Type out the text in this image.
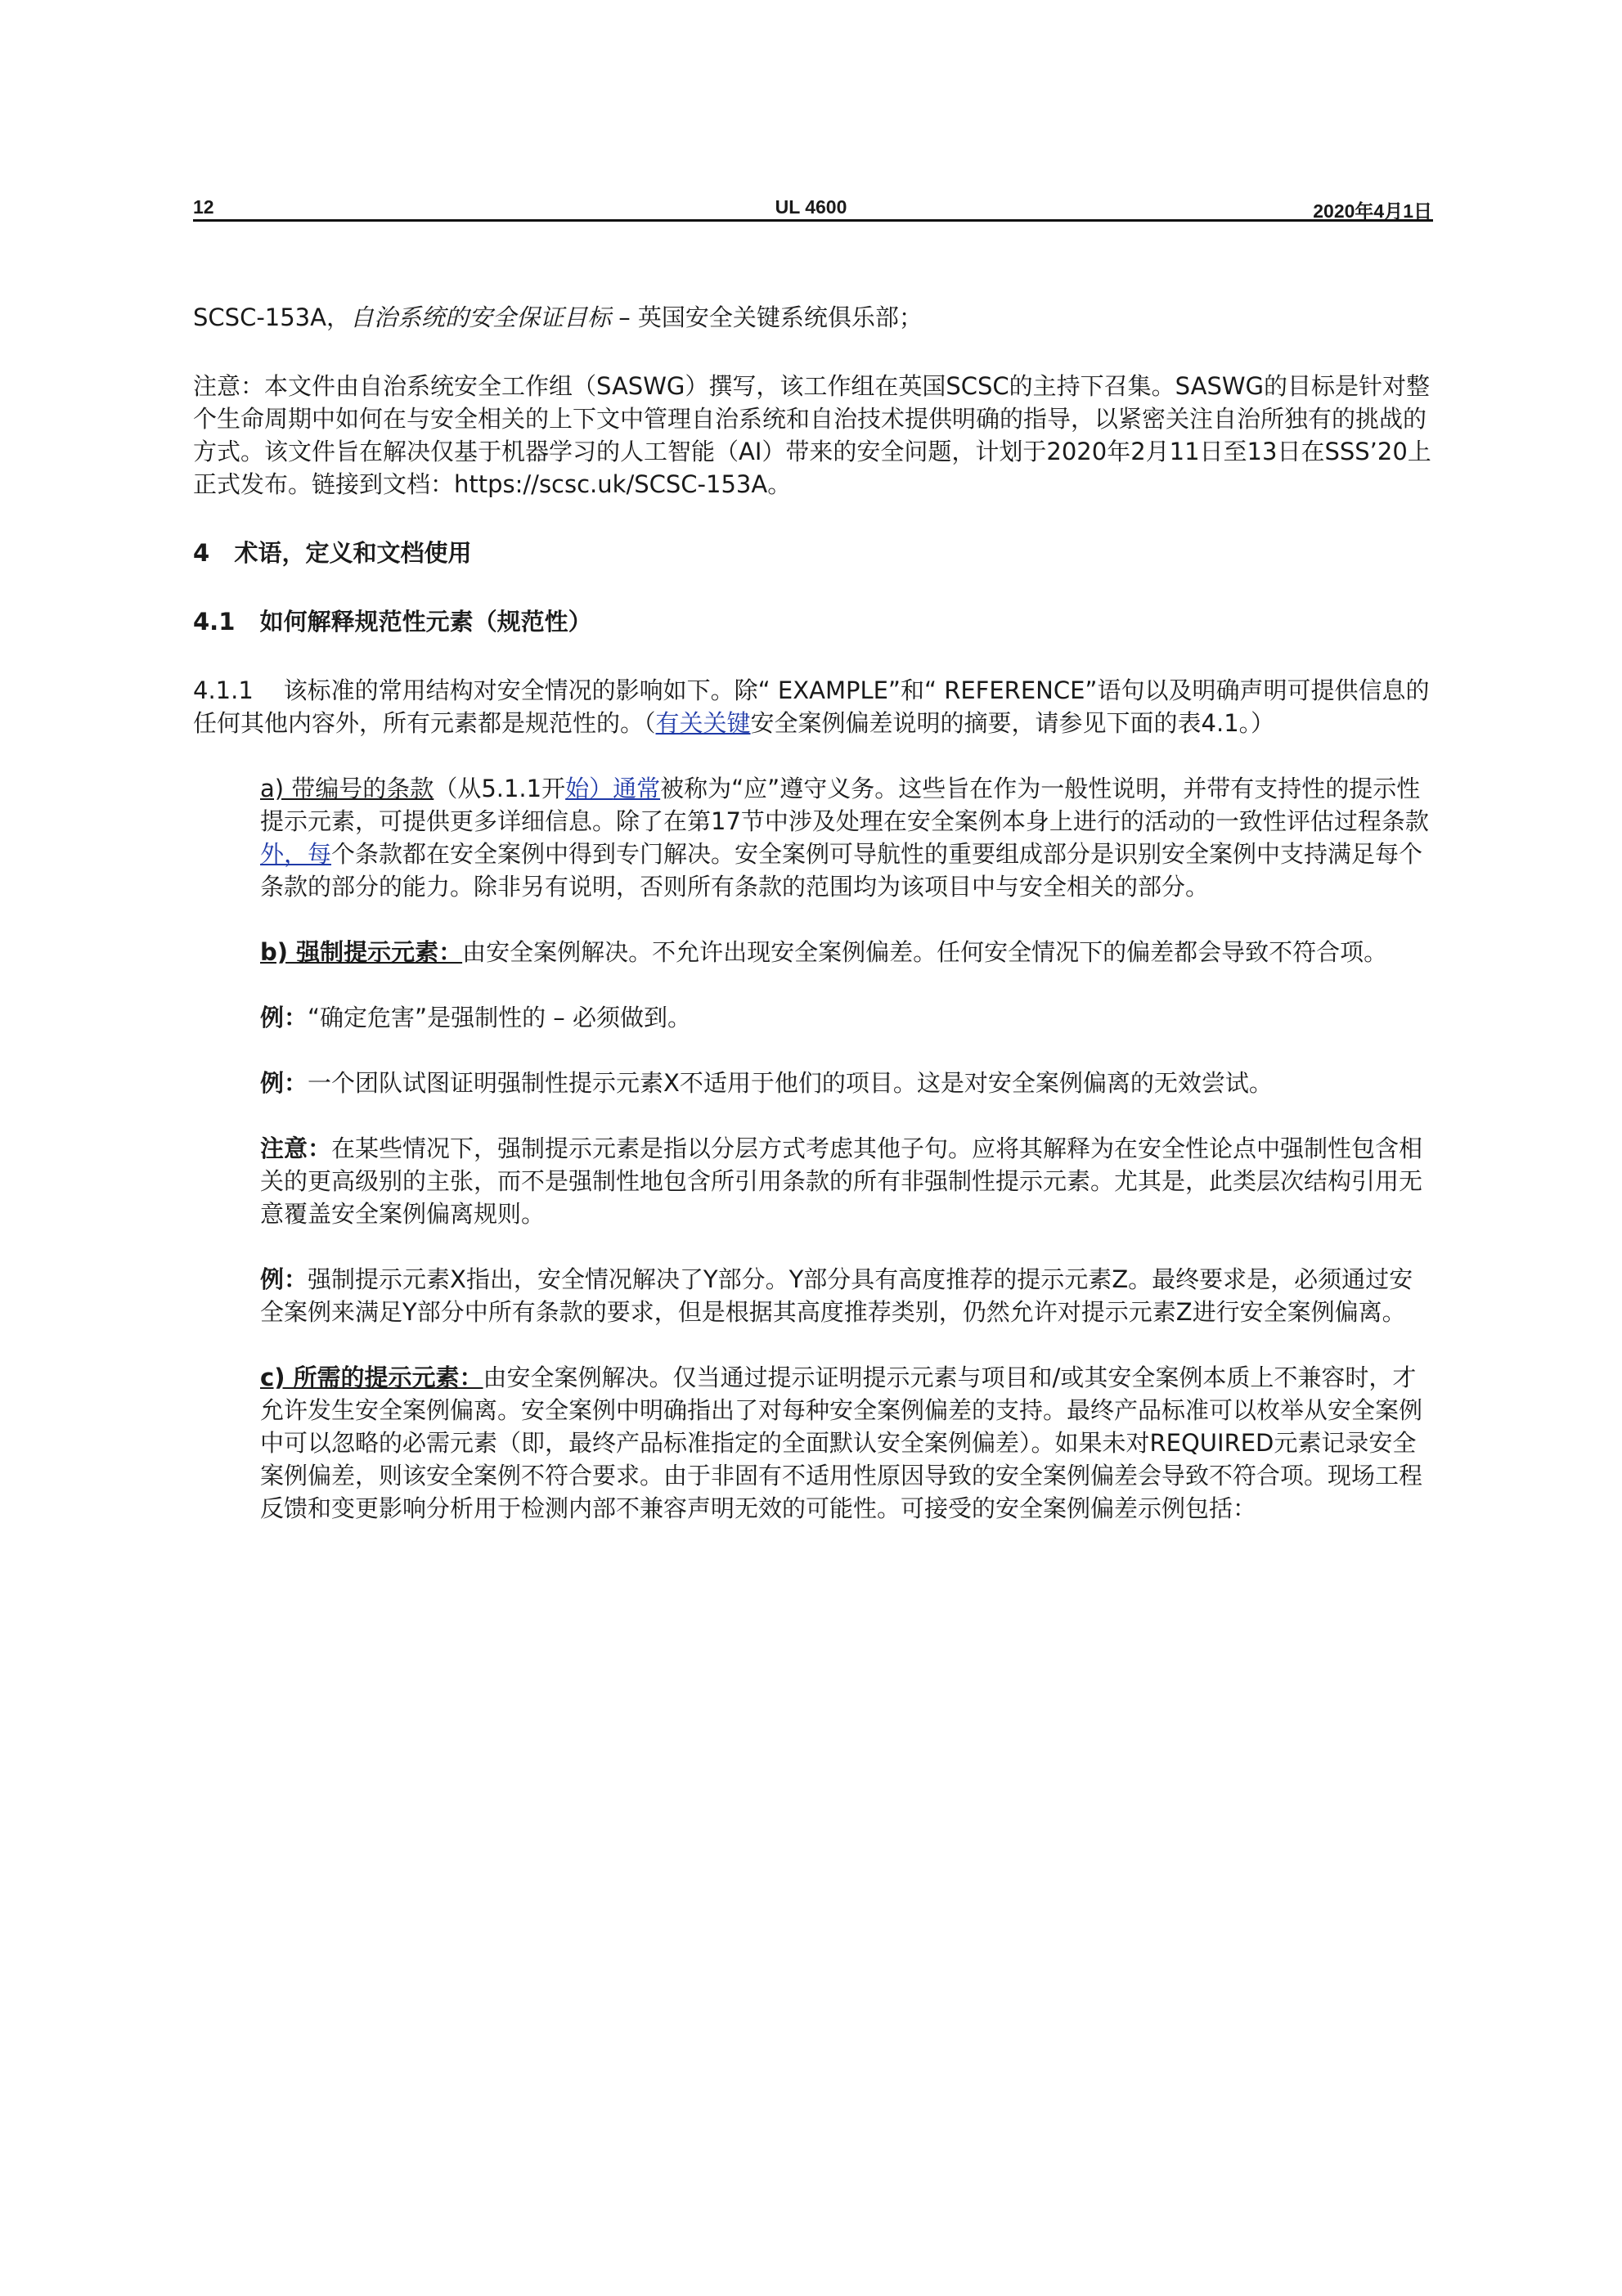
12	UL 4600	2020年4月1日

SCSC-153A，自治系统的安全保证目标 – 英国安全关键系统俱乐部；

注意：本文件由自治系统安全工作组（SASWG）撰写，该工作组在英国SCSC的主持下召集。SASWG的目标是针对整个生命周期中如何在与安全相关的上下文中管理自治系统和自治技术提供明确的指导，以紧密关注自治所独有的挑战的方式。该文件旨在解决仅基于机器学习的人工智能（AI）带来的安全问题，计划于2020年2月11日至13日在SSS’20上正式发布。链接到文档：https://scsc.uk/SCSC-153A。

4 术语，定义和文档使用

4.1 如何解释规范性元素（规范性）

4.1.1 该标准的常用结构对安全情况的影响如下。除“ EXAMPLE”和“ REFERENCE”语句以及明确声明可提供信息的任何其他内容外，所有元素都是规范性的。（有关关键安全案例偏差说明的摘要，请参见下面的表4.1。）

a) 带编号的条款（从5.1.1开始）通常被称为“应”遵守义务。这些旨在作为一般性说明，并带有支持性的提示性提示元素，可提供更多详细信息。除了在第17节中涉及处理在安全案例本身上进行的活动的一致性评估过程条款外，每个条款都在安全案例中得到专门解决。安全案例可导航性的重要组成部分是识别安全案例中支持满足每个条款的部分的能力。除非另有说明，否则所有条款的范围均为该项目中与安全相关的部分。

b) 强制提示元素：由安全案例解决。不允许出现安全案例偏差。任何安全情况下的偏差都会导致不符合项。

例：“确定危害”是强制性的 – 必须做到。

例：一个团队试图证明强制性提示元素X不适用于他们的项目。这是对安全案例偏离的无效尝试。

注意：在某些情况下，强制提示元素是指以分层方式考虑其他子句。应将其解释为在安全性论点中强制性包含相关的更高级别的主张，而不是强制性地包含所引用条款的所有非强制性提示元素。尤其是，此类层次结构引用无意覆盖安全案例偏离规则。

例：强制提示元素X指出，安全情况解决了Y部分。Y部分具有高度推荐的提示元素Z。最终要求是，必须通过安全案例来满足Y部分中所有条款的要求，但是根据其高度推荐类别，仍然允许对提示元素Z进行安全案例偏离。

c) 所需的提示元素：由安全案例解决。仅当通过提示证明提示元素与项目和/或其安全案例本质上不兼容时，才允许发生安全案例偏离。安全案例中明确指出了对每种安全案例偏差的支持。最终产品标准可以枚举从安全案例中可以忽略的必需元素（即，最终产品标准指定的全面默认安全案例偏差）。如果未对REQUIRED元素记录安全案例偏差，则该安全案例不符合要求。由于非固有不适用性原因导致的安全案例偏差会导致不符合项。现场工程反馈和变更影响分析用于检测内部不兼容声明无效的可能性。可接受的安全案例偏差示例包括：
